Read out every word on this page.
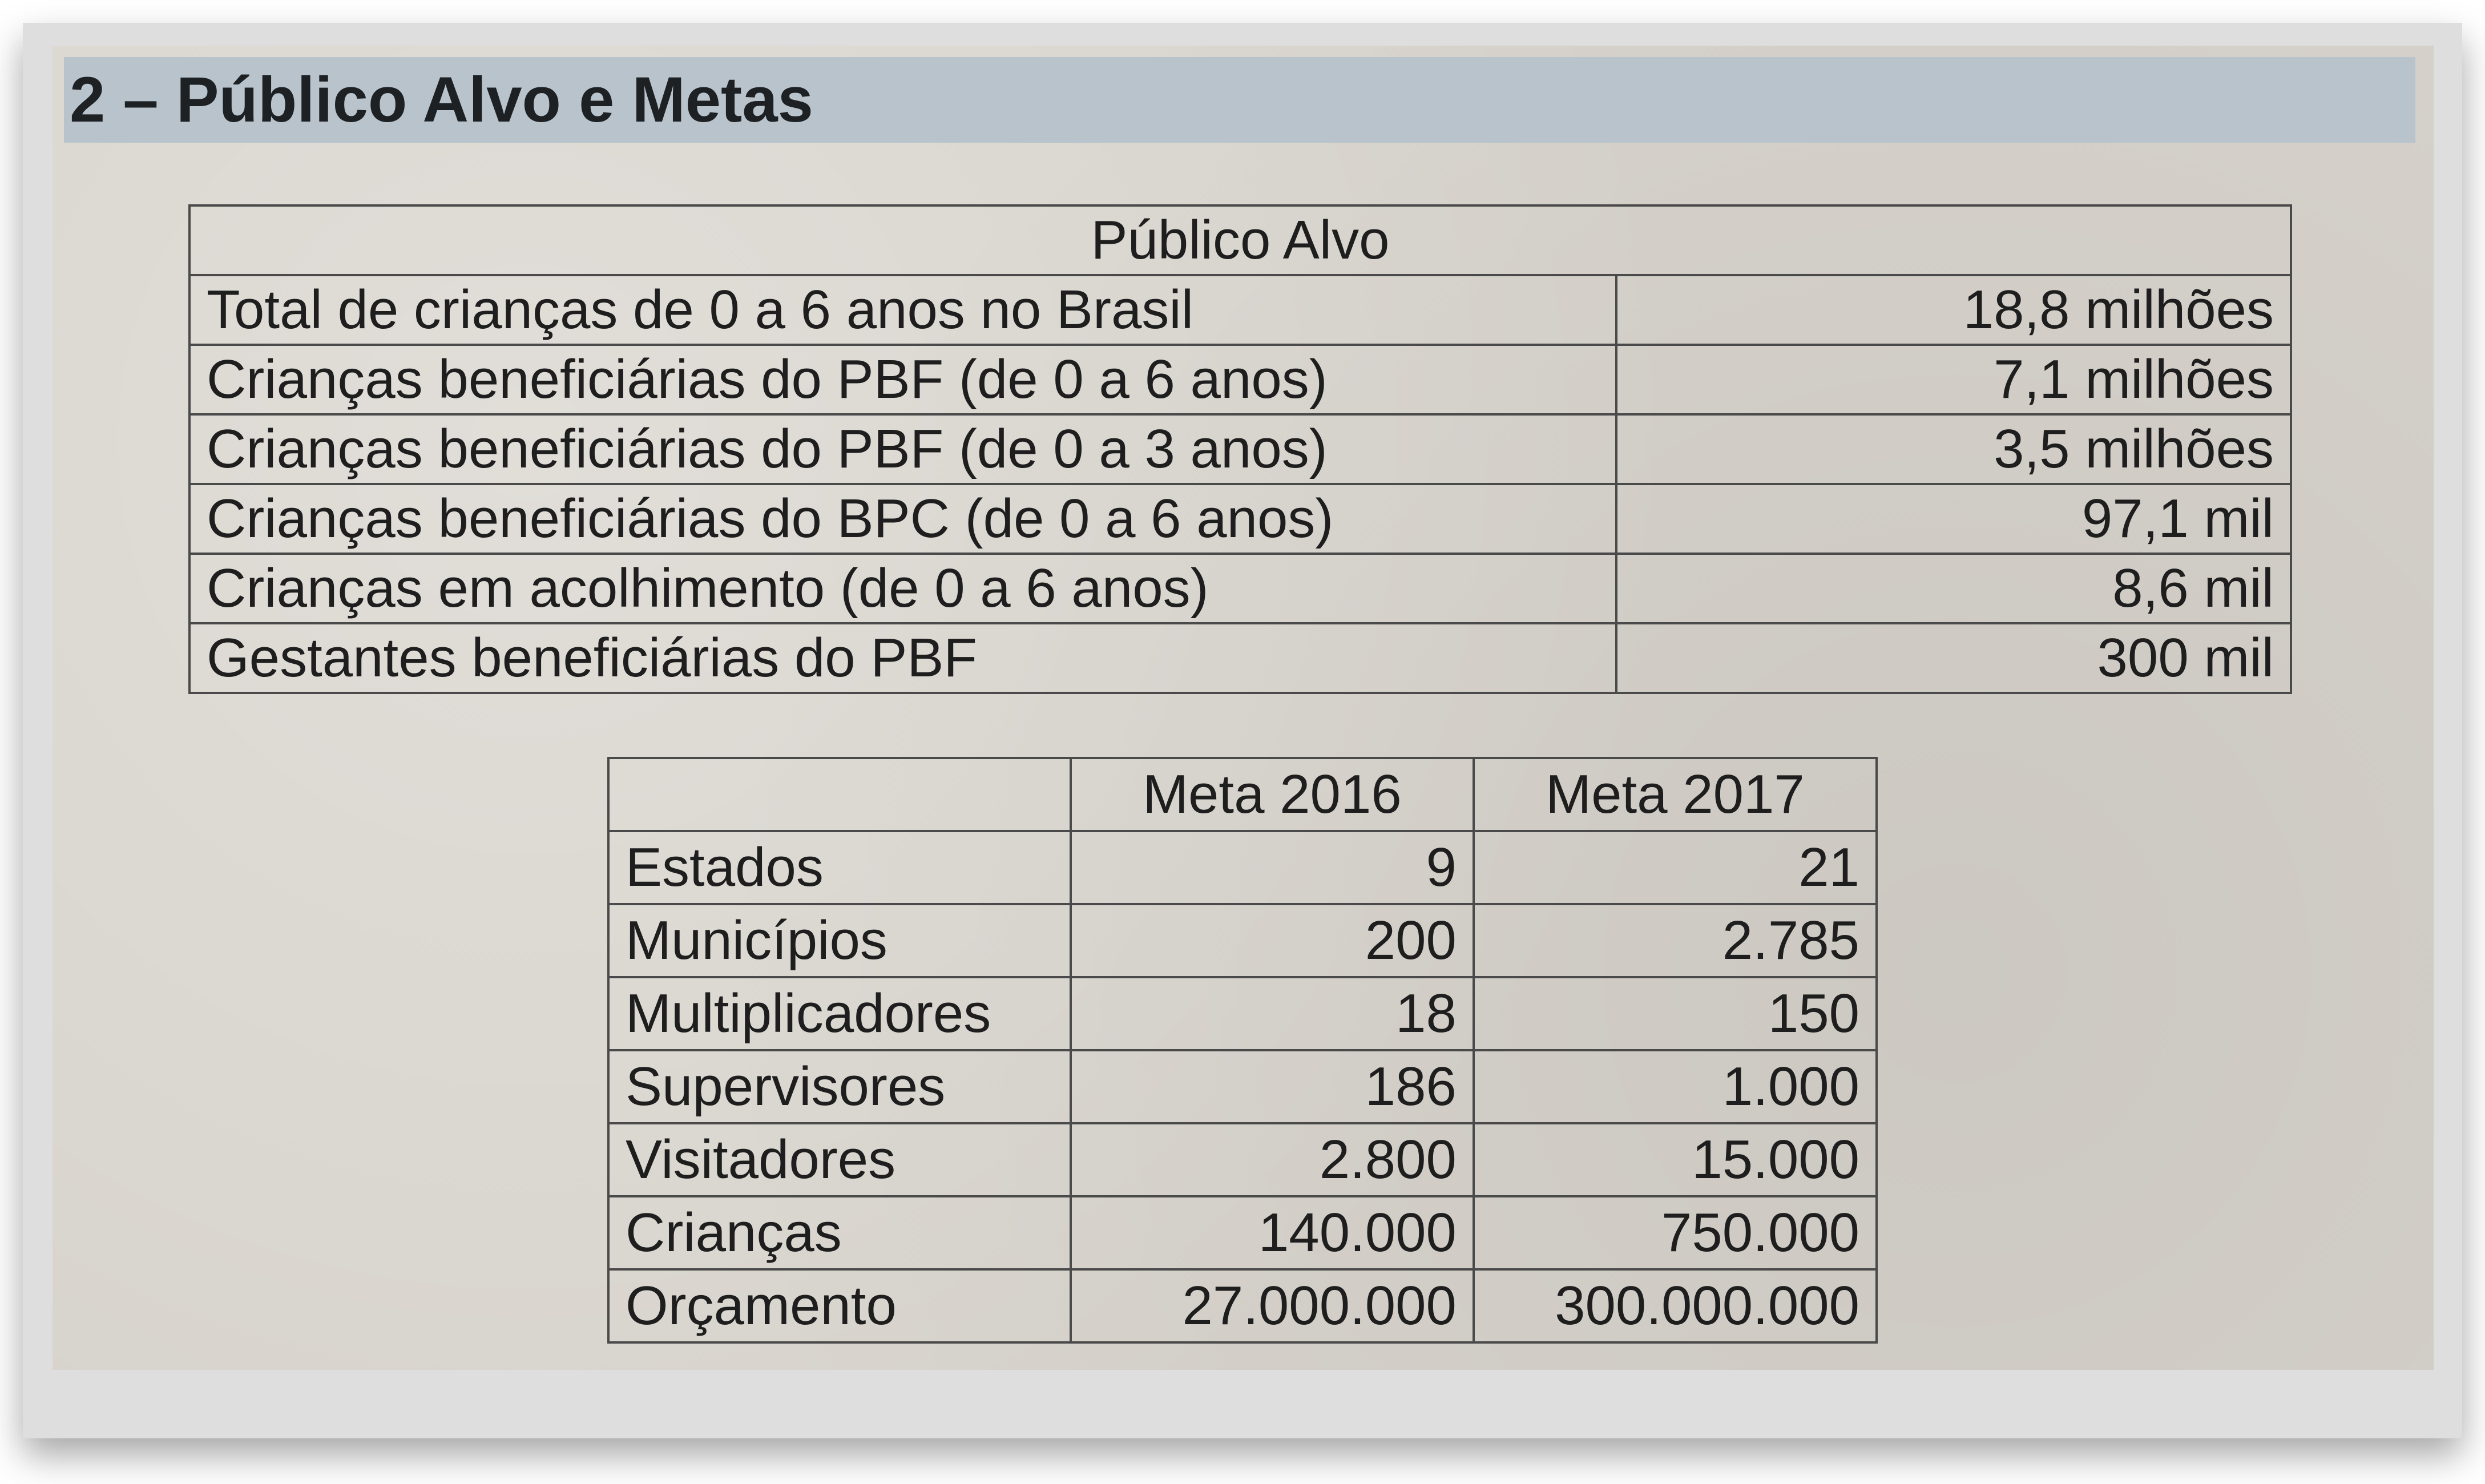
2 – Público Alvo e Metas
Público Alvo	
Total de crianças de 0 a 6 anos no Brasil	18,8 milhões
Crianças beneficiárias do PBF (de 0 a 6 anos)	7,1 milhões
Crianças beneficiárias do PBF (de 0 a 3 anos)	3,5 milhões
Crianças beneficiárias do BPC (de 0 a 6 anos)	97,1 mil
Crianças em acolhimento (de 0 a 6 anos)	8,6 mil
Gestantes beneficiárias do PBF	300 mil
	Meta 2016	Meta 2017
Estados	9	21
Municípios	200	2.785
Multiplicadores	18	150
Supervisores	186	1.000
Visitadores	2.800	15.000
Crianças	140.000	750.000
Orçamento	27.000.000	300.000.000
